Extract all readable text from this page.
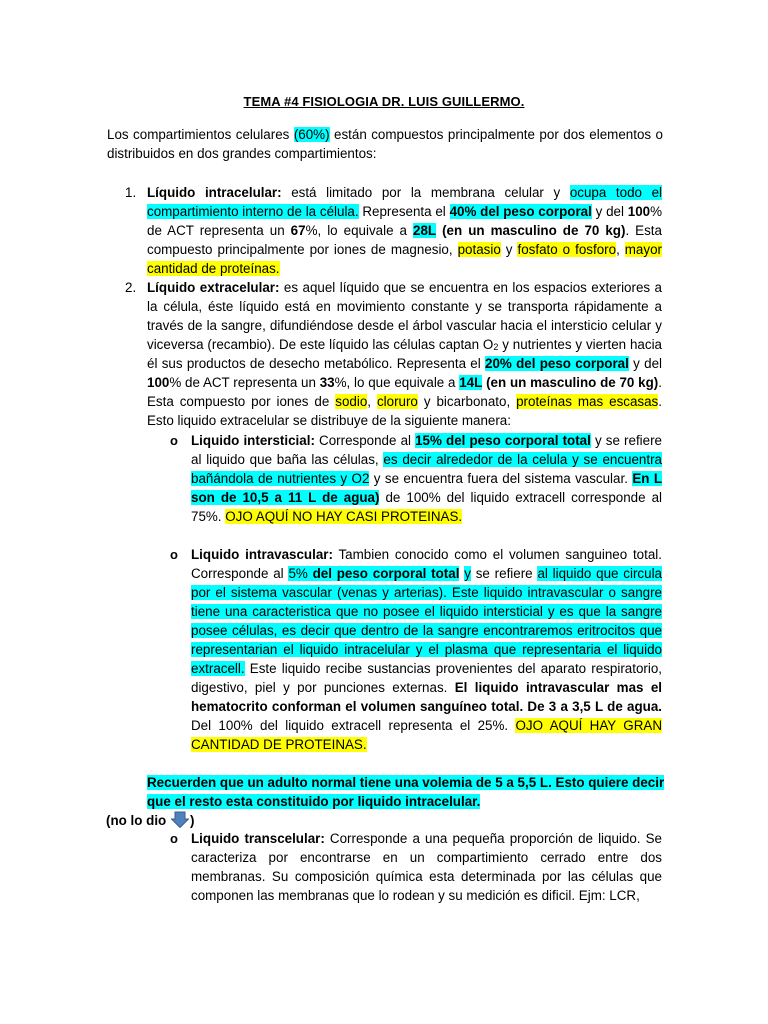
TEMA #4 FISIOLOGIA DR. LUIS GUILLERMO.
Los compartimientos celulares (60%) están compuestos principalmente por dos elementos o distribuidos en dos grandes compartimientos:
1. Líquido intracelular: está limitado por la membrana celular y ocupa todo el compartimiento interno de la célula. Representa el 40% del peso corporal y del 100% de ACT representa un 67%, lo equivale a 28L (en un masculino de 70 kg). Esta compuesto principalmente por iones de magnesio, potasio y fosfato o fosforo, mayor cantidad de proteínas.
2. Líquido extracelular: es aquel líquido que se encuentra en los espacios exteriores a la célula, éste líquido está en movimiento constante y se transporta rápidamente a través de la sangre, difundiéndose desde el árbol vascular hacia el intersticio celular y viceversa (recambio). De este líquido las células captan $O_2$ y nutrientes y vierten hacia él sus productos de desecho metabólico. Representa el 20% del peso corporal y del 100% de ACT representa un 33%, lo que equivale a 14L (en un masculino de 70 kg). Esta compuesto por iones de sodio, cloruro y bicarbonato, proteínas mas escasas. Esto liquido extracelular se distribuye de la siguiente manera:
o Liquido intersticial: Corresponde al 15% del peso corporal total y se refiere al liquido que baña las células, es decir alrededor de la celula y se encuentra bañándola de nutrientes y O2 y se encuentra fuera del sistema vascular. En L son de 10,5 a 11 L de agua) de 100% del liquido extracell corresponde al 75%. OJO AQUÍ NO HAY CASI PROTEINAS.
o Liquido intravascular: Tambien conocido como el volumen sanguineo total. Corresponde al 5% del peso corporal total y se refiere al liquido que circula por el sistema vascular (venas y arterias). Este liquido intravascular o sangre tiene una caracteristica que no posee el liquido intersticial y es que la sangre posee células, es decir que dentro de la sangre encontraremos eritrocitos que representarian el liquido intracelular y el plasma que representaria el liquido extracell. Este liquido recibe sustancias provenientes del aparato respiratorio, digestivo, piel y por punciones externas. El liquido intravascular mas el hematocrito conforman el volumen sanguíneo total. De 3 a 3,5 L de agua. Del 100% del liquido extracell representa el 25%. OJO AQUÍ HAY GRAN CANTIDAD DE PROTEINAS.
Recuerden que un adulto normal tiene una volemia de 5 a 5,5 L. Esto quiere decir que el resto esta constituido por liquido intracelular.
(no lo dio )
o Liquido transcelular: Corresponde a una pequeña proporción de liquido. Se caracteriza por encontrarse en un compartimiento cerrado entre dos membranas. Su composición química esta determinada por las células que componen las membranas que lo rodean y su medición es dificil. Ejm: LCR,
